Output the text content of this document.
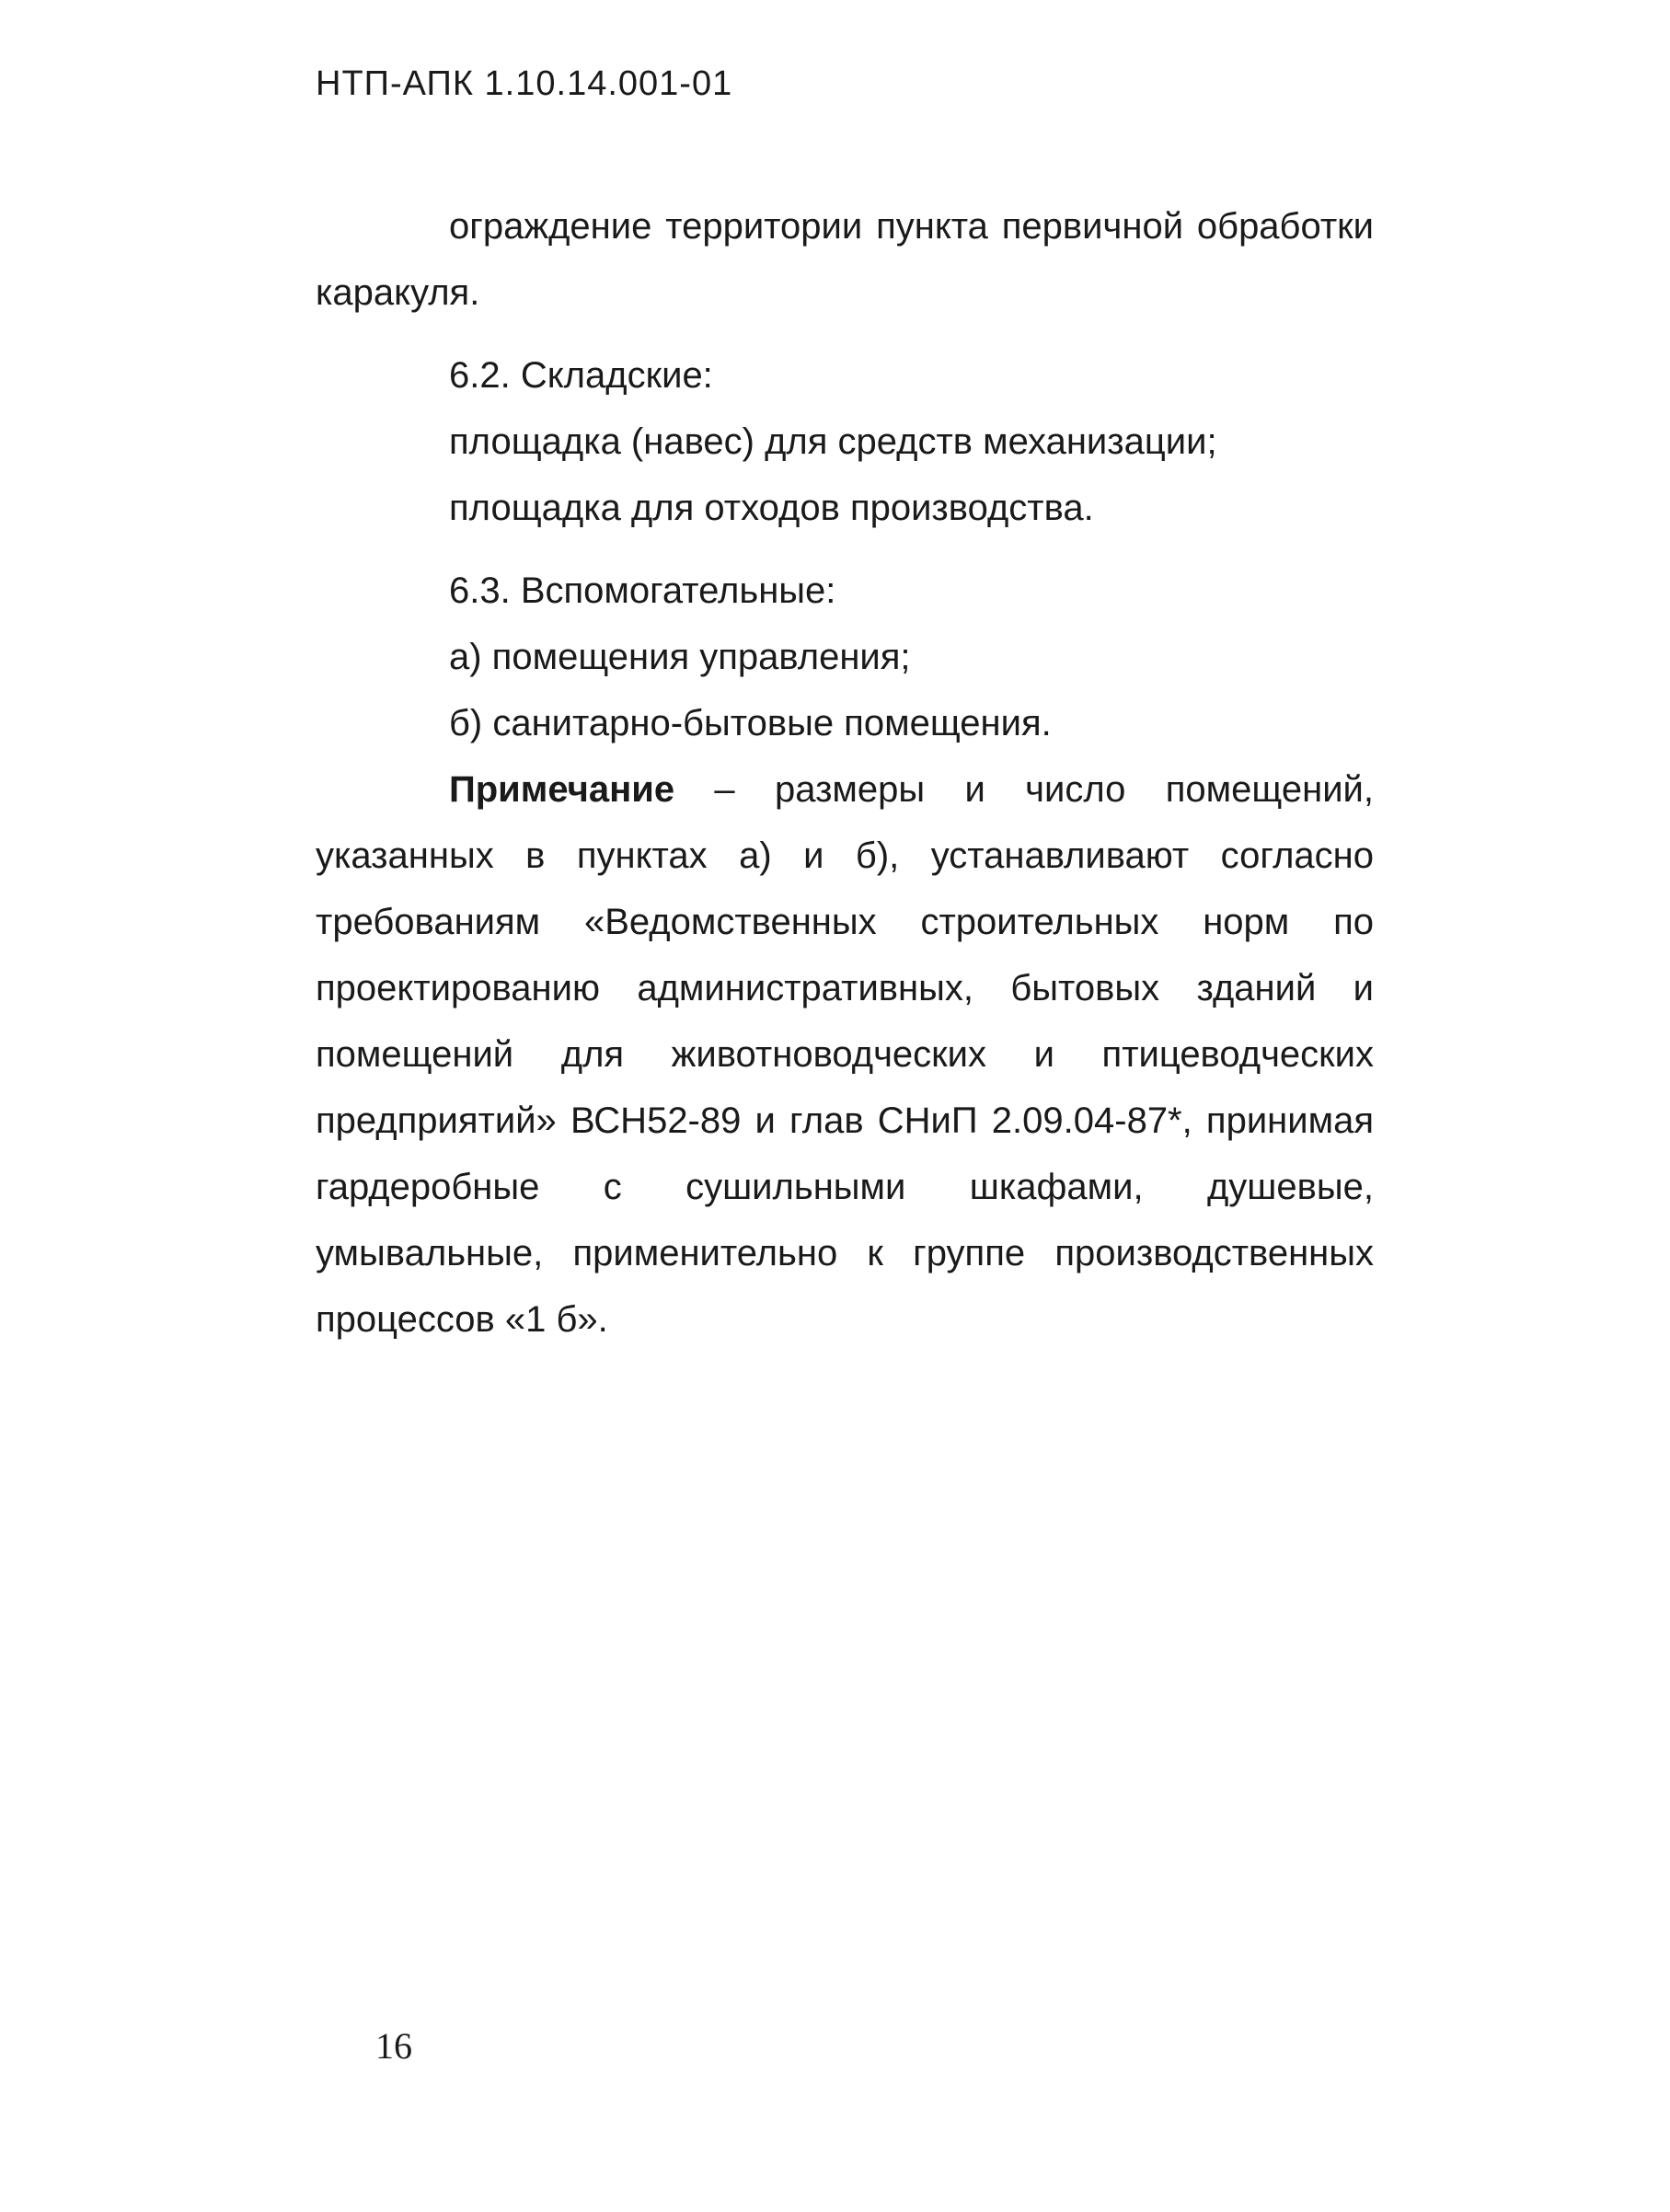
НТП-АПК 1.10.14.001-01

ограждение территории пункта первичной обработки каракуля.

6.2. Складские:

площадка (навес) для средств механизации;

площадка для отходов производства.

6.3. Вспомогательные:

а) помещения управления;

б) санитарно-бытовые помещения.

Примечание – размеры и число помещений, указанных в пунктах а) и б), устанавливают согласно требованиям «Ведомственных строительных норм по проектированию административных, бытовых зданий и помещений для животноводческих и птицеводческих предприятий» ВСН52-89 и глав СНиП 2.09.04-87*, принимая гардеробные с сушильными шкафами, душевые, умывальные, применительно к группе производственных процессов «1 б».

16
